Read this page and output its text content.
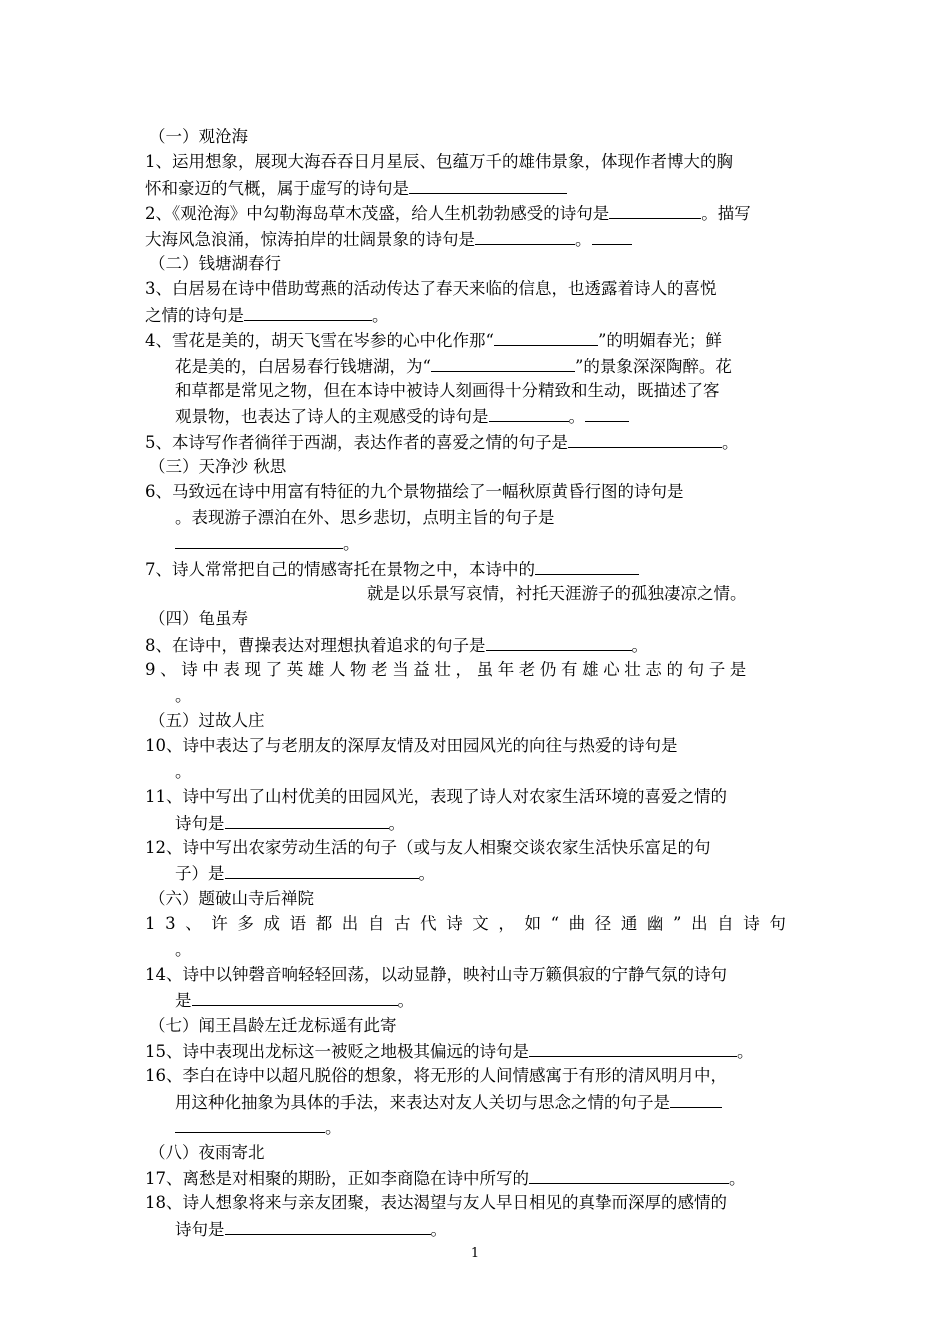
（一）观沧海
1、运用想象，展现大海吞吞日月星辰、包蕴万千的雄伟景象，体现作者博大的胸
怀和豪迈的气概，属于虚写的诗句是
2、《观沧海》中勾勒海岛草木茂盛，给人生机勃勃感受的诗句是	。描写
大海风急浪涌，惊涛拍岸的壮阔景象的诗句是	。
（二）钱塘湖春行
3、白居易在诗中借助莺燕的活动传达了春天来临的信息，也透露着诗人的喜悦
之情的诗句是	。
4、雪花是美的，胡天飞雪在岑参的心中化作那“	”的明媚春光；鲜
花是美的，白居易春行钱塘湖，为“	”的景象深深陶醉。花
和草都是常见之物，但在本诗中被诗人刻画得十分精致和生动，既描述了客
观景物，也表达了诗人的主观感受的诗句是	。
5、本诗写作者徜徉于西湖，表达作者的喜爱之情的句子是	。
（三）天净沙 秋思
6、马致远在诗中用富有特征的九个景物描绘了一幅秋原黄昏行图的诗句是
。表现游子漂泊在外、思乡悲切，点明主旨的句子是
。
7、诗人常常把自己的情感寄托在景物之中，本诗中的
就是以乐景写哀情，衬托天涯游子的孤独凄凉之情。
（四）龟虽寿
8、在诗中，曹操表达对理想执着追求的句子是	。
9、诗中表现了英雄人物老当益壮，虽年老仍有雄心壮志的句子是
。
（五）过故人庄
10、诗中表达了与老朋友的深厚友情及对田园风光的向往与热爱的诗句是
。
11、诗中写出了山村优美的田园风光，表现了诗人对农家生活环境的喜爱之情的
诗句是	。
12、诗中写出农家劳动生活的句子（或与友人相聚交谈农家生活快乐富足的句
子）是	。
（六）题破山寺后禅院
13、许多成语都出自古代诗文，如“曲径通幽”出自诗句
。
14、诗中以钟磬音响轻轻回荡，以动显静，映衬山寺万籁俱寂的宁静气氛的诗句
是	。
（七）闻王昌龄左迁龙标遥有此寄
15、诗中表现出龙标这一被贬之地极其偏远的诗句是	。
16、李白在诗中以超凡脱俗的想象，将无形的人间情感寓于有形的清风明月中，
用这种化抽象为具体的手法，来表达对友人关切与思念之情的句子是
。
（八）夜雨寄北
17、离愁是对相聚的期盼，正如李商隐在诗中所写的	。
18、诗人想象将来与亲友团聚，表达渴望与友人早日相见的真挚而深厚的感情的
诗句是	。
1
